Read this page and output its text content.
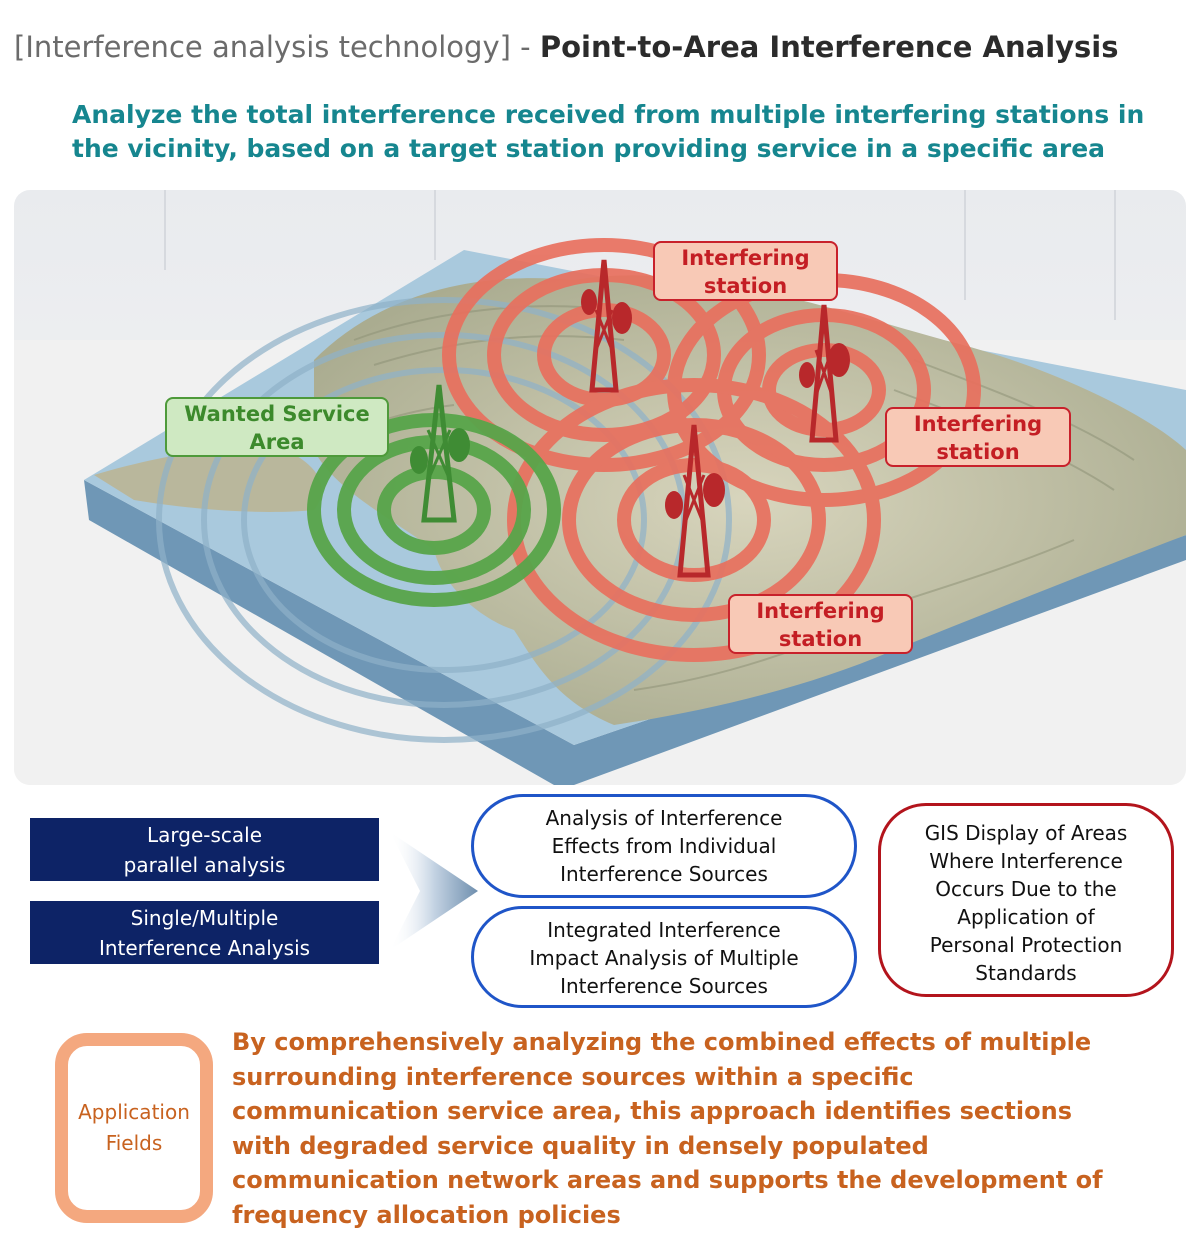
[Interference analysis technology] - Point-to-Area Interference Analysis
Analyze the total interference received from multiple interfering stations in
the vicinity, based on a target station providing service in a specific area
Interfering
station
Interfering
station
Interfering
station
Wanted Service
Area
Large-scale
parallel analysis
Single/Multiple
Interference Analysis
Analysis of Interference
Effects from Individual
Interference Sources
Integrated Interference
Impact Analysis of Multiple
Interference Sources
GIS Display of Areas
Where Interference
Occurs Due to the
Application of
Personal Protection
Standards
Application
Fields
By comprehensively analyzing the combined effects of multiple
surrounding interference sources within a specific
communication service area, this approach identifies sections
with degraded service quality in densely populated
communication network areas and supports the development of
frequency allocation policies
